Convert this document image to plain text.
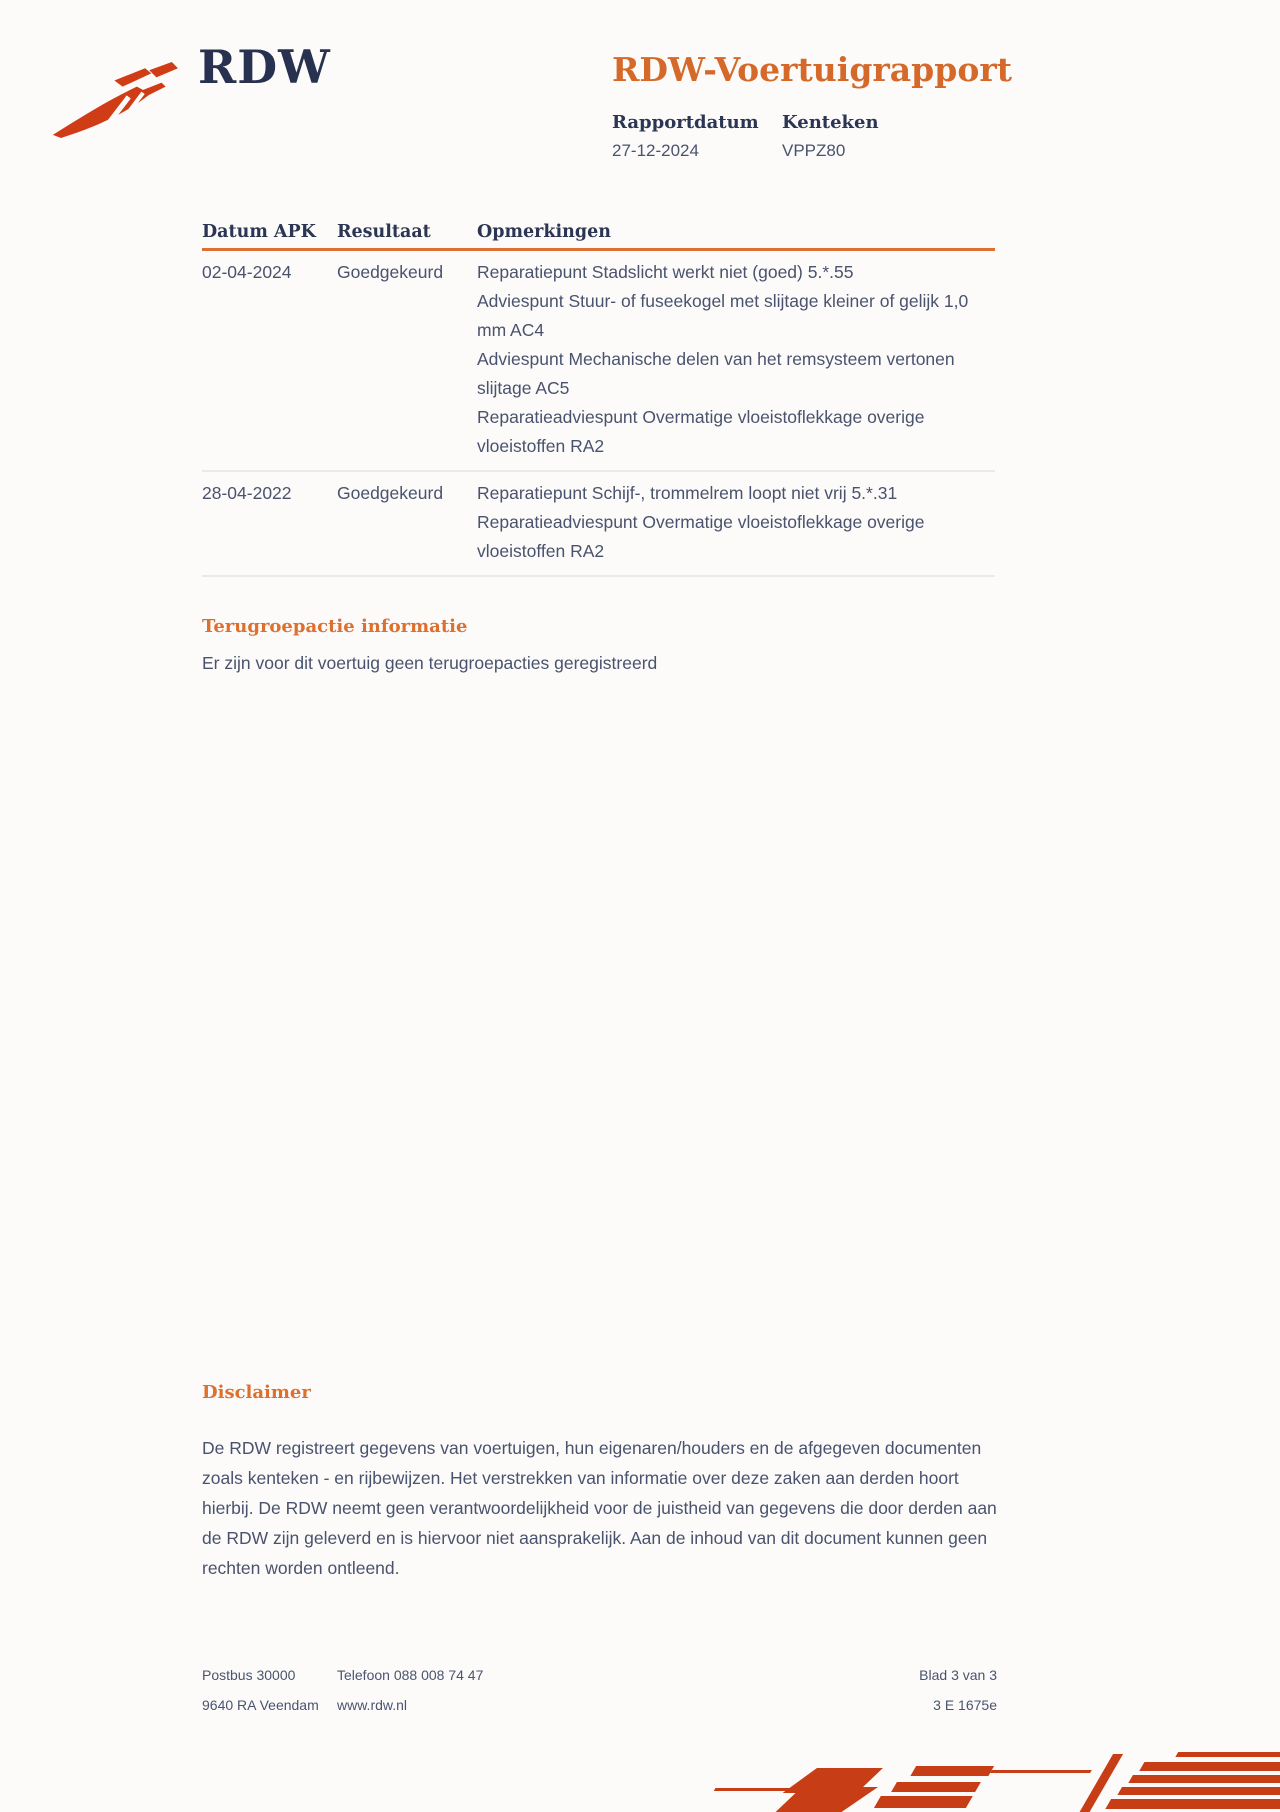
RDW	RDW-Voertuigrapport
Rapportdatum
27-12-2024
Kenteken
VPPZ80
Datum APK	Resultaat	Opmerkingen
02-04-2024	Goedgekeurd	Reparatiepunt Stadslicht werkt niet (goed) 5.*.55
Adviespunt Stuur- of fuseekogel met slijtage kleiner of gelijk 1,0 mm AC4
Adviespunt Mechanische delen van het remsysteem vertonen slijtage AC5
Reparatieadviespunt Overmatige vloeistoflekkage overige vloeistoffen RA2
28-04-2022	Goedgekeurd	Reparatiepunt Schijf-, trommelrem loopt niet vrij 5.*.31
Reparatieadviespunt Overmatige vloeistoflekkage overige vloeistoffen RA2
Terugroepactie informatie
Er zijn voor dit voertuig geen terugroepacties geregistreerd
Disclaimer
De RDW registreert gegevens van voertuigen, hun eigenaren/houders en de afgegeven documenten zoals kenteken - en rijbewijzen. Het verstrekken van informatie over deze zaken aan derden hoort hierbij. De RDW neemt geen verantwoordelijkheid voor de juistheid van gegevens die door derden aan de RDW zijn geleverd en is hiervoor niet aansprakelijk. Aan de inhoud van dit document kunnen geen rechten worden ontleend.
Postbus 30000
9640 RA Veendam
Telefoon 088 008 74 47
www.rdw.nl
Blad 3 van 3
3 E 1675e
